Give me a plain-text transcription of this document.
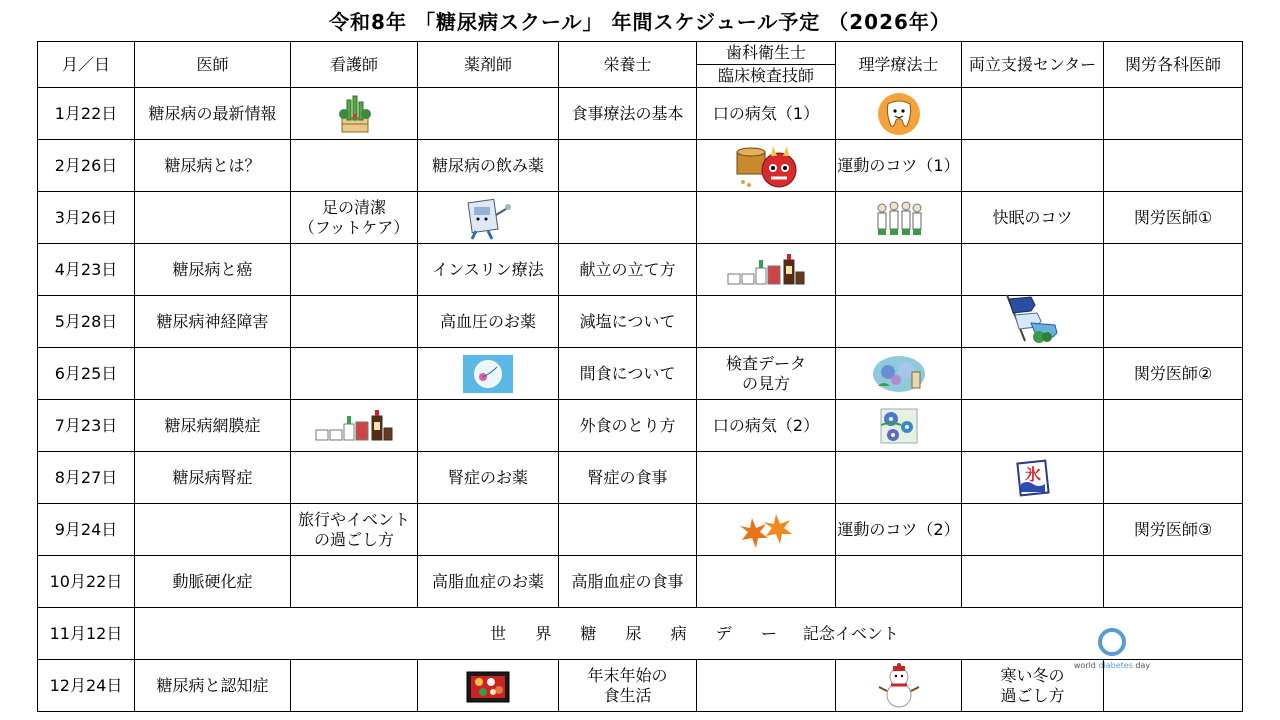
令和8年 「糖尿病スクール」 年間スケジュール予定 （2026年）
月／日	医師	看護師	薬剤師	栄養士	歯科衛生士
臨床検査技師	理学療法士	両立支援センター	関労各科医師
1月22日	糖尿病の最新情報			食事療法の基本	口の病気（1）			
2月26日	糖尿病とは？		糖尿病の飲み薬			運動のコツ（1）		
3月26日		足の清潔
（フットケア）					快眠のコツ	関労医師①
4月23日	糖尿病と癌		インスリン療法	献立の立て方				
5月28日	糖尿病神経障害		高血圧のお薬	減塩について				
6月25日				間食について	検査データ
の見方			関労医師②
7月23日	糖尿病網膜症			外食のとり方	口の病気（2）			
8月27日	糖尿病腎症		腎症のお薬	腎症の食事			氷	

9月24日		旅行やイベント
の過ごし方				運動のコツ（2）		関労医師③
10月22日	動脈硬化症		高脂血症のお薬	高脂血症の食事				
11月12日	世 界 糖 尿 病 デ ー 記念イベント
world diabetes day							

12月24日	糖尿病と認知症			年末年始の
食生活			寒い冬の
過ごし方	
